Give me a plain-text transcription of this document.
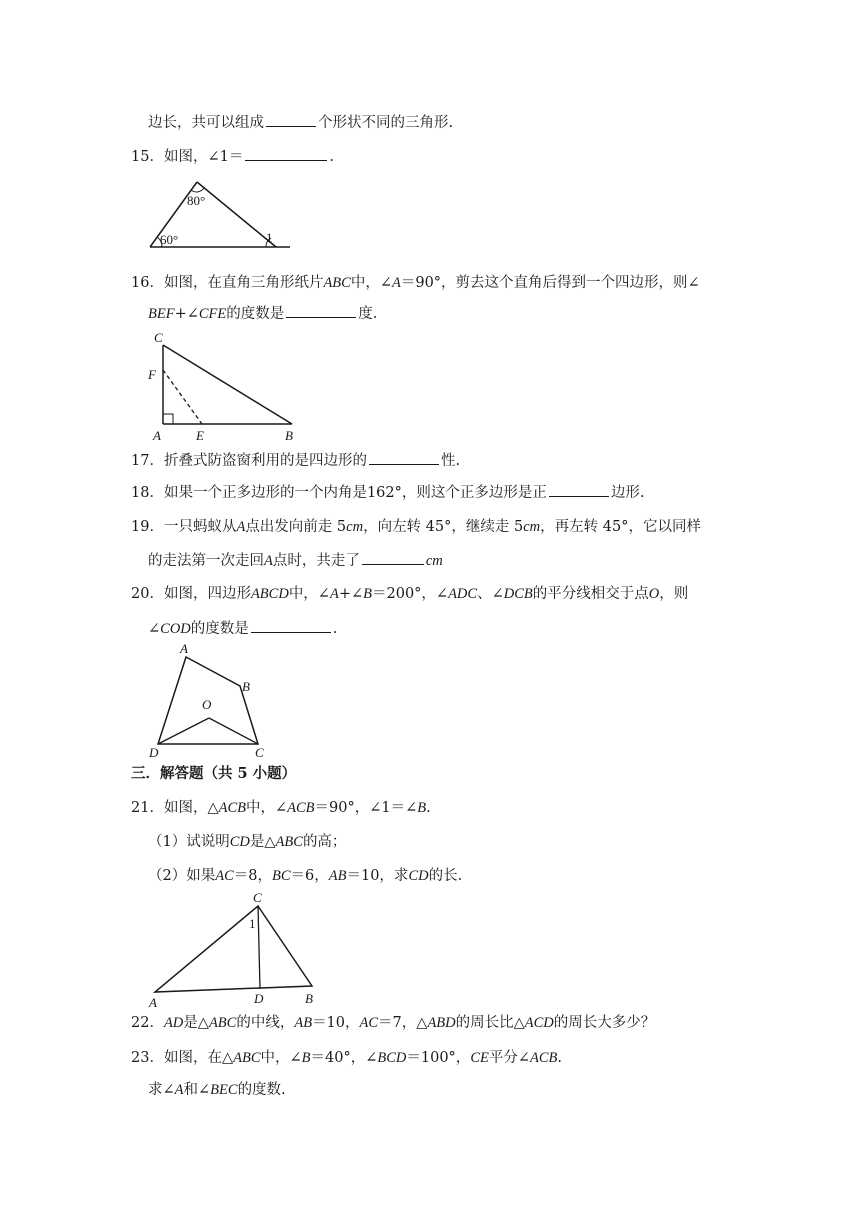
边长，共可以组成	个形状不同的三角形.
15．如图，∠1＝	.
80°
60°	1
16．如图，在直角三角形纸片ABC中，∠A＝90°，剪去这个直角后得到一个四边形，则∠
BEF+∠CFE的度数是	度.
C
F
A	E	B
17．折叠式防盗窗利用的是四边形的	性.
18．如果一个正多边形的一个内角是162°，则这个正多边形是正	边形.
19．一只蚂蚁从A点出发向前走 5cm，向左转 45°，继续走 5cm，再左转 45°，它以同样
的走法第一次走回A点时，共走了	cm
20．如图，四边形ABCD中，∠A+∠B＝200°，∠ADC、∠DCB的平分线相交于点O，则
∠COD的度数是	.
A
B
O
D	C
三．解答题（共 5 小题）
21．如图，△ACB中，∠ACB＝90°，∠1＝∠B.
（1）试说明CD是△ABC的高；
（2）如果AC＝8，BC＝6，AB＝10，求CD的长.
C
1
A	D	B
22．AD是△ABC的中线，AB＝10，AC＝7，△ABD的周长比△ACD的周长大多少？
23．如图，在△ABC中，∠B＝40°，∠BCD＝100°，CE平分∠ACB.
求∠A和∠BEC的度数.
